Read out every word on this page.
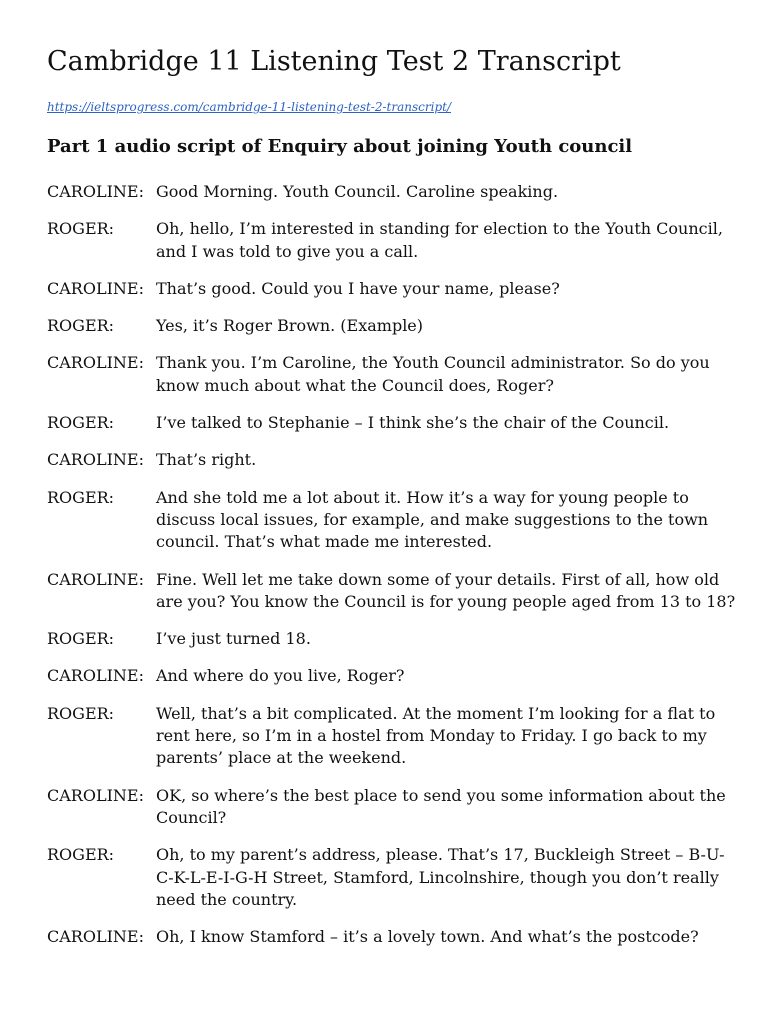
Cambridge 11 Listening Test 2 Transcript
https://ieltsprogress.com/cambridge-11-listening-test-2-transcript/
Part 1 audio script of Enquiry about joining Youth council
CAROLINE: Good Morning. Youth Council. Caroline speaking.
ROGER:	Oh, hello, I’m interested in standing for election to the Youth Council, and I was told to give you a call.
CAROLINE: That’s good. Could you I have your name, please?
ROGER:	Yes, it’s Roger Brown. (Example)
CAROLINE: Thank you. I’m Caroline, the Youth Council administrator. So do you know much about what the Council does, Roger?
ROGER:	I’ve talked to Stephanie – I think she’s the chair of the Council.
CAROLINE: That’s right.
ROGER:	And she told me a lot about it. How it’s a way for young people to discuss local issues, for example, and make suggestions to the town council. That’s what made me interested.
CAROLINE: Fine. Well let me take down some of your details. First of all, how old are you? You know the Council is for young people aged from 13 to 18?
ROGER:	I’ve just turned 18.
CAROLINE: And where do you live, Roger?
ROGER:	Well, that’s a bit complicated. At the moment I’m looking for a flat to rent here, so I’m in a hostel from Monday to Friday. I go back to my parents’ place at the weekend.
CAROLINE: OK, so where’s the best place to send you some information about the Council?
ROGER:	Oh, to my parent’s address, please. That’s 17, Buckleigh Street – B-U-C-K-L-E-I-G-H Street, Stamford, Lincolnshire, though you don’t really need the country.
CAROLINE: Oh, I know Stamford – it’s a lovely town. And what’s the postcode?
